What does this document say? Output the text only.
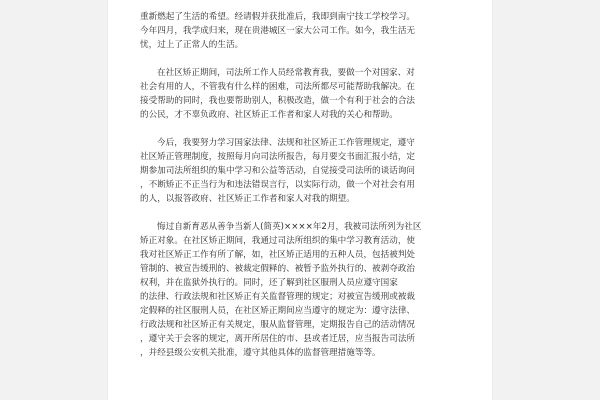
重新燃起了生活的希望。经请假并获批准后，我即到南宁技工学校学习。
今年四月，我学成归来，现在贵港城区一家大公司工作。如今，我生活无
忧，过上了正常人的生活。
在社区矫正期间，司法所工作人员经常教育我，要做一个对国家、对
社会有用的人，不管我有什么样的困难，司法所都尽可能帮助我解决。在
接受帮助的同时，我也要帮助别人，积极改造，做一个有利于社会的合法
的公民，才不辜负政府、社区矫正工作者和家人对我的关心和帮助。
今后，我要努力学习国家法律、法规和社区矫正工作管理规定，遵守
社区矫正管理制度，按照每月向司法所报告，每月要交书面汇报小结，定
期参加司法所组织的集中学习和公益等活动，自觉接受司法所的谈话询问
，不断矫正不正当行为和违法错误言行，以实际行动，做一个对社会有用
的人，以报答政府、社区矫正工作者和家人对我的期望。
悔过自新育恶从善争当新人(简英)××××年2月，我被司法所列为社区
矫正对象。在社区矫正期间，我通过司法所组织的集中学习教育活动，使
我对社区矫正工作有所了解，如，社区矫正适用的五种人员，包括被判处
管制的、被宣告缓刑的、被裁定假释的、被暂予监外执行的、被剥夺政治
权利，并在监狱外执行的。同时，还了解到社区服刑人员应遵守国家
的法律、行政法规和社区矫正有关监督管理的规定；对被宣告缓刑或被裁
定假释的社区服刑人员，在社区矫正期间应当遵守的规定为：遵守法律、
行政法规和社区矫正有关规定，服从监督管理，定期报告自己的活动情况
，遵守关于会客的规定，离开所居住的市、县或者迁居，应当报告司法所
，并经县级公安机关批准，遵守其他具体的监督管理措施等等。
